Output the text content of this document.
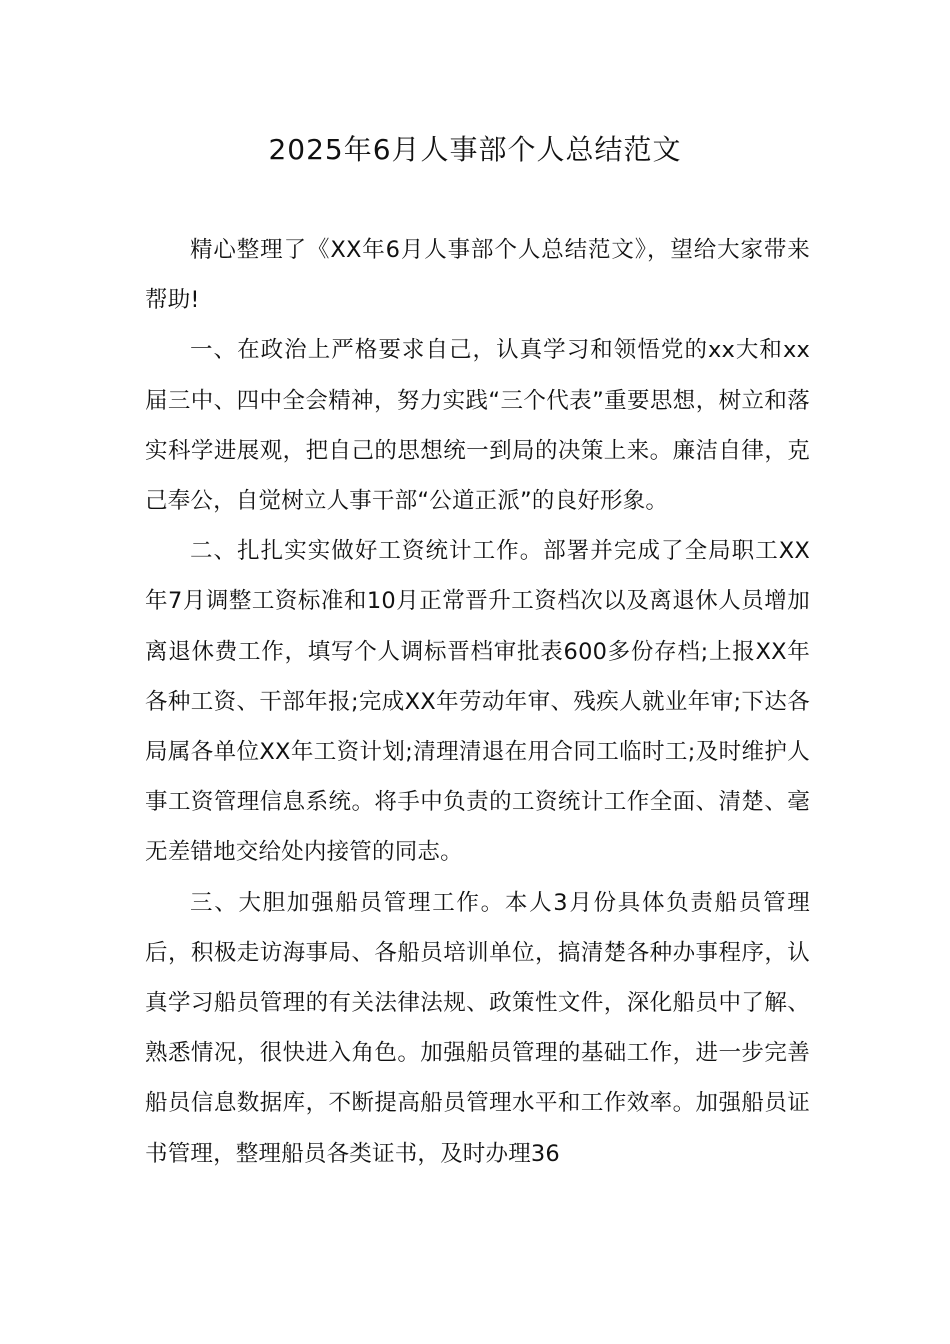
2025年6月人事部个人总结范文

精心整理了《XX年6月人事部个人总结范文》，望给大家带来帮助!

一、在政治上严格要求自己，认真学习和领悟党的xx大和xx届三中、四中全会精神，努力实践“三个代表”重要思想，树立和落实科学进展观，把自己的思想统一到局的决策上来。廉洁自律，克己奉公，自觉树立人事干部“公道正派”的良好形象。

二、扎扎实实做好工资统计工作。部署并完成了全局职工XX年7月调整工资标准和10月正常晋升工资档次以及离退休人员增加离退休费工作，填写个人调标晋档审批表600多份存档;上报XX年各种工资、干部年报;完成XX年劳动年审、残疾人就业年审;下达各局属各单位XX年工资计划;清理清退在用合同工临时工;及时维护人事工资管理信息系统。将手中负责的工资统计工作全面、清楚、毫无差错地交给处内接管的同志。

三、大胆加强船员管理工作。本人3月份具体负责船员管理后，积极走访海事局、各船员培训单位，搞清楚各种办事程序，认真学习船员管理的有关法律法规、政策性文件，深化船员中了解、熟悉情况，很快进入角色。加强船员管理的基础工作，进一步完善船员信息数据库，不断提高船员管理水平和工作效率。加强船员证书管理，整理船员各类证书，及时办理36
